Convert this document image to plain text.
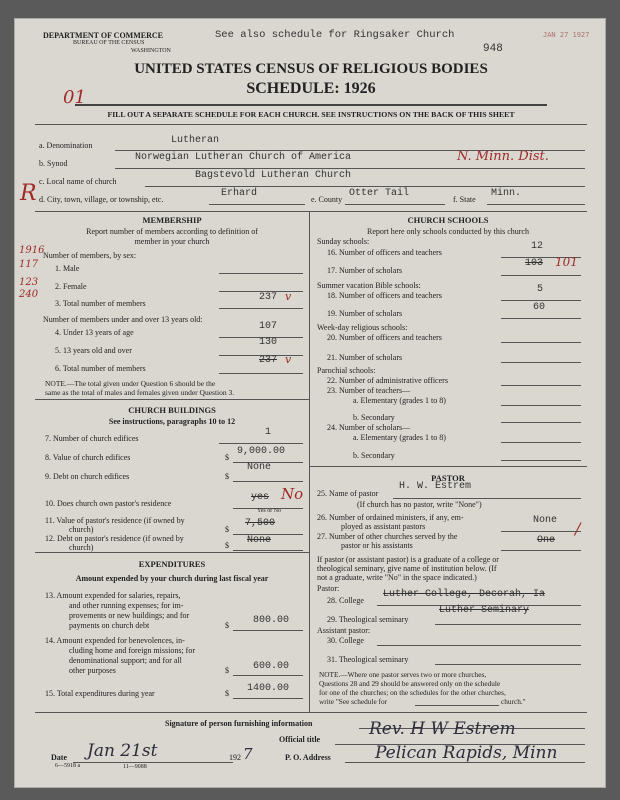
DEPARTMENT OF COMMERCE
BUREAU OF THE CENSUS
WASHINGTON
See also schedule for Ringsaker Church	JAN 27 1927
948
UNITED STATES CENSUS OF RELIGIOUS BODIES
SCHEDULE: 1926
01
FILL OUT A SEPARATE SCHEDULE FOR EACH CHURCH. SEE INSTRUCTIONS ON THE BACK OF THIS SHEET
a. Denomination	Lutheran
b. Synod
Norwegian Lutheran Church of America	N. Minn. Dist.
c. Local name of church
Bagstevold Lutheran Church
R d. City, town, village, or township, etc.
Erhard
e. County
Otter Tail
f. State
Minn.
MEMBERSHIP
Report number of members according to definition of
member in your church
1916
Number of members, by sex:
117 1. Male
123 2. Female
240
3. Total number of members
237 v
Number of members under and over 13 years old:
4. Under 13 years of age
107
5. 13 years old and over
130
6. Total number of members
237 v
NOTE.—The total given under Question 6 should be the
same as the total of males and females given under Question 3.
CHURCH BUILDINGS
See instructions, paragraphs 10 to 12
7. Number of church edifices
1
8. Value of church edifices	$
9,000.00
9. Debt on church edifices	$
None
10. Does church own pastor's residence
yes No
Yes or No
11. Value of pastor's residence (if owned by
church)	$
7,500
12. Debt on pastor's residence (if owned by
church)	$ None
EXPENDITURES
Amount expended by your church during last fiscal year
13. Amount expended for salaries, repairs,
and other running expenses; for im-
provements or new buildings; and for
payments on church debt	$ 800.00
14. Amount expended for benevolences, in-
cluding home and foreign missions; for
denominational support; and for all
other purposes	$ 600.00
15. Total expenditures during year	$ 1400.00
CHURCH SCHOOLS
Report here only schools conducted by this church
Sunday schools:
16. Number of officers and teachers
12
17. Number of scholars
103 101
Summer vacation Bible schools:
18. Number of officers and teachers
5
19. Number of scholars
60
Week-day religious schools:
20. Number of officers and teachers
21. Number of scholars
Parochial schools:
22. Number of administrative officers
23. Number of teachers—
a. Elementary (grades 1 to 8)
b. Secondary
24. Number of scholars—
a. Elementary (grades 1 to 8)
b. Secondary
PASTOR
25. Name of pastor
H. W. Estrem
(If church has no pastor, write "None")
26. Number of ordained ministers, if any, em-
ployed as assistant pastors
None
27. Number of other churches served by the
pastor or his assistants	One
/
If pastor (or assistant pastor) is a graduate of a college or
theological seminary, give name of institution below. (If
not a graduate, write "No" in the space indicated.)
Pastor:
28. College
Luther College, Decorah, Ia
29. Theological seminary
Luther Seminary
Assistant pastor:
30. College
31. Theological seminary
NOTE.—Where one pastor serves two or more churches,
Questions 28 and 29 should be answered only on the schedule
for one of the churches; on the schedules for the other churches,
write "See schedule for	church."
Signature of person furnishing information
Official title
Rev. H W Estrem
Date Jan 21st	192 7	P. O. Address	Pelican Rapids, Minn
6—5918 a	11—9088
